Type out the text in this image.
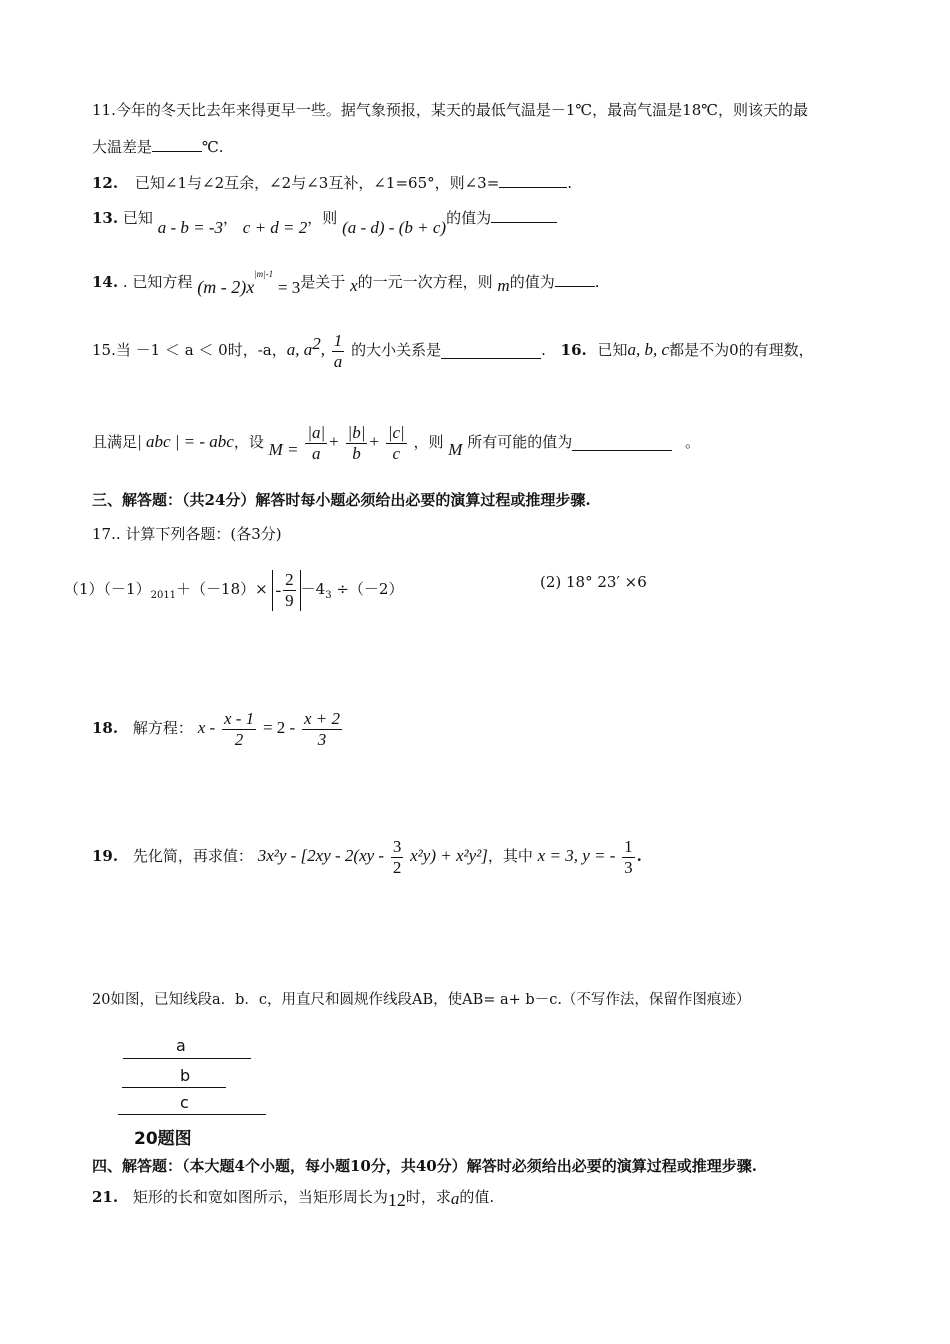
11.今年的冬天比去年来得更早一些。据气象预报，某天的最低气温是－1℃，最高气温是18℃，则该天的最
大温差是	℃.
12. 已知∠1与∠2互余，∠2与∠3互补，∠1=65°，则∠3=	.
13. 已知 a - b = -3， c + d = 2，则 (a - d) - (b + c)的值为
14. . 已知方程 $(m - 2)x^{|m|-1} = 3$是关于 x的一元一次方程，则 m的值为	.
15.当 －1 ＜ a ＜ 0时，-a，a, $a^2$, $\frac{1}{a}$ 的大小关系是	. 16. 已知a, b, c都是不为0的有理数，
且满足| abc | = - abc，设 $M = \frac{|a|}{a} + \frac{|b|}{b} + \frac{|c|}{c}$ ，则 M 所有可能的值为	。
三、解答题：（共24分）解答时每小题必须给出必要的演算过程或推理步骤.
17.. 计算下列各题：(各3分)
$(1)(-1)_{2011}+(-18)\times - \frac{2}{9} -4_3 \div(-2)$	(2) 18° 23′ ×6
18. 解方程： $x - \frac{x - 1}{2} = 2 - \frac{x + 2}{3}$
19. 先化简，再求值： $3x^2y - [2xy - 2(xy - \frac{3}{2} x^2y) + x^2y^2]$，其中 x = 3, y = - $\frac{1}{3}$ .
20如图，已知线段a．b．c，用直尺和圆规作线段AB，使AB= a+ b－c.（不写作法，保留作图痕迹）
a
b
c
20题图
四、解答题：（本大题4个小题，每小题10分，共40分）解答时必须给出必要的演算过程或推理步骤.
21. 矩形的长和宽如图所示，当矩形周长为12时，求a的值.
